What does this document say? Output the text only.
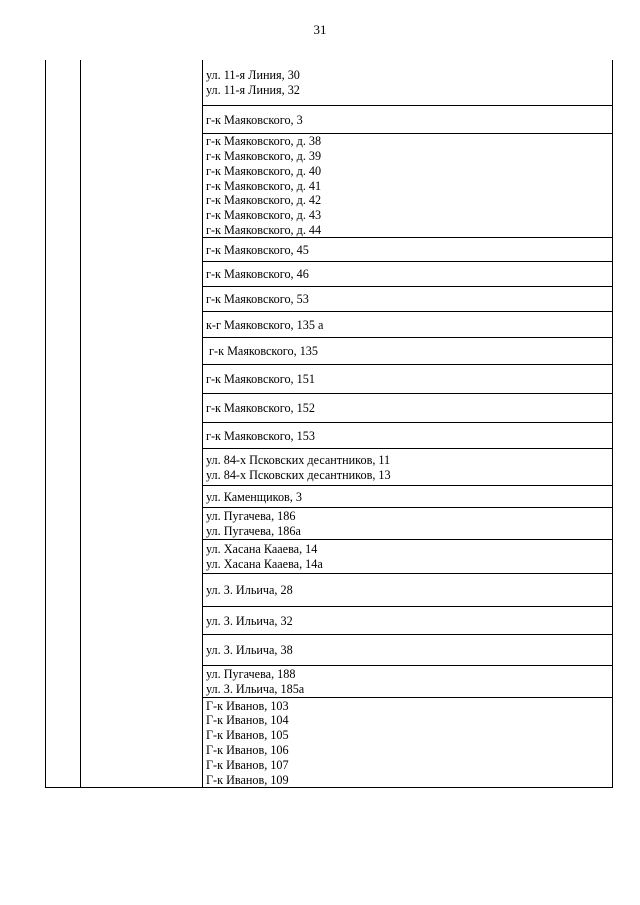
31
ул. 11-я Линия, 30
ул. 11-я Линия, 32
г-к Маяковского, 3
г-к Маяковского, д. 38
г-к Маяковского, д. 39
г-к Маяковского, д. 40
г-к Маяковского, д. 41
г-к Маяковского, д. 42
г-к Маяковского, д. 43
г-к Маяковского, д. 44
г-к Маяковского, 45
г-к Маяковского, 46
г-к Маяковского, 53
к-г Маяковского, 135 а
г-к Маяковского, 135
г-к Маяковского, 151
г-к Маяковского, 152
г-к Маяковского, 153
ул. 84-х Псковских десантников, 11
ул. 84-х Псковских десантников, 13
ул. Каменщиков, 3
ул. Пугачева, 186
ул. Пугачева, 186а
ул. Хасана Кааева, 14
ул. Хасана Кааева, 14а
ул. З. Ильича, 28
ул. З. Ильича, 32
ул. З. Ильича, 38
ул. Пугачева, 188
ул. З. Ильича, 185а
Г-к Иванов, 103
Г-к Иванов, 104
Г-к Иванов, 105
Г-к Иванов, 106
Г-к Иванов, 107
Г-к Иванов, 109
